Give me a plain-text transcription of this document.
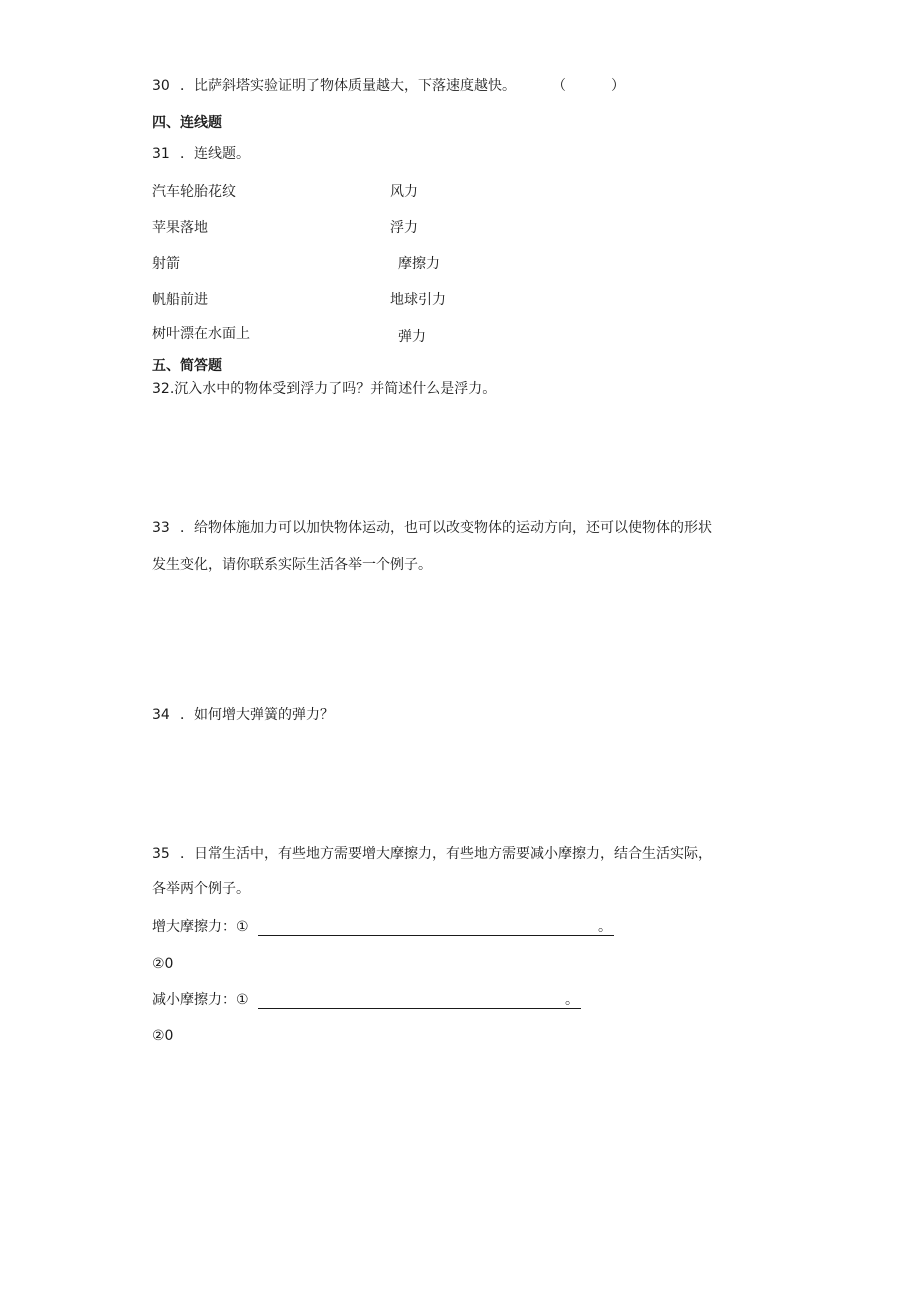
30 ．比萨斜塔实验证明了物体质量越大，下落速度越快。	（	）
四、连线题
31 ．连线题。
汽车轮胎花纹
苹果落地
射箭
帆船前进
树叶漂在水面上
风力
浮力
摩擦力
地球引力
弹力
五、简答题
32.沉入水中的物体受到浮力了吗？并简述什么是浮力。
33 ．给物体施加力可以加快物体运动，也可以改变物体的运动方向，还可以使物体的形状
发生变化，请你联系实际生活各举一个例子。
34 ．如何增大弹簧的弹力？
35 ．日常生活中，有些地方需要增大摩擦力，有些地方需要减小摩擦力，结合生活实际，
各举两个例子。
增大摩擦力：①	。
②0
减小摩擦力：①	。
②0
